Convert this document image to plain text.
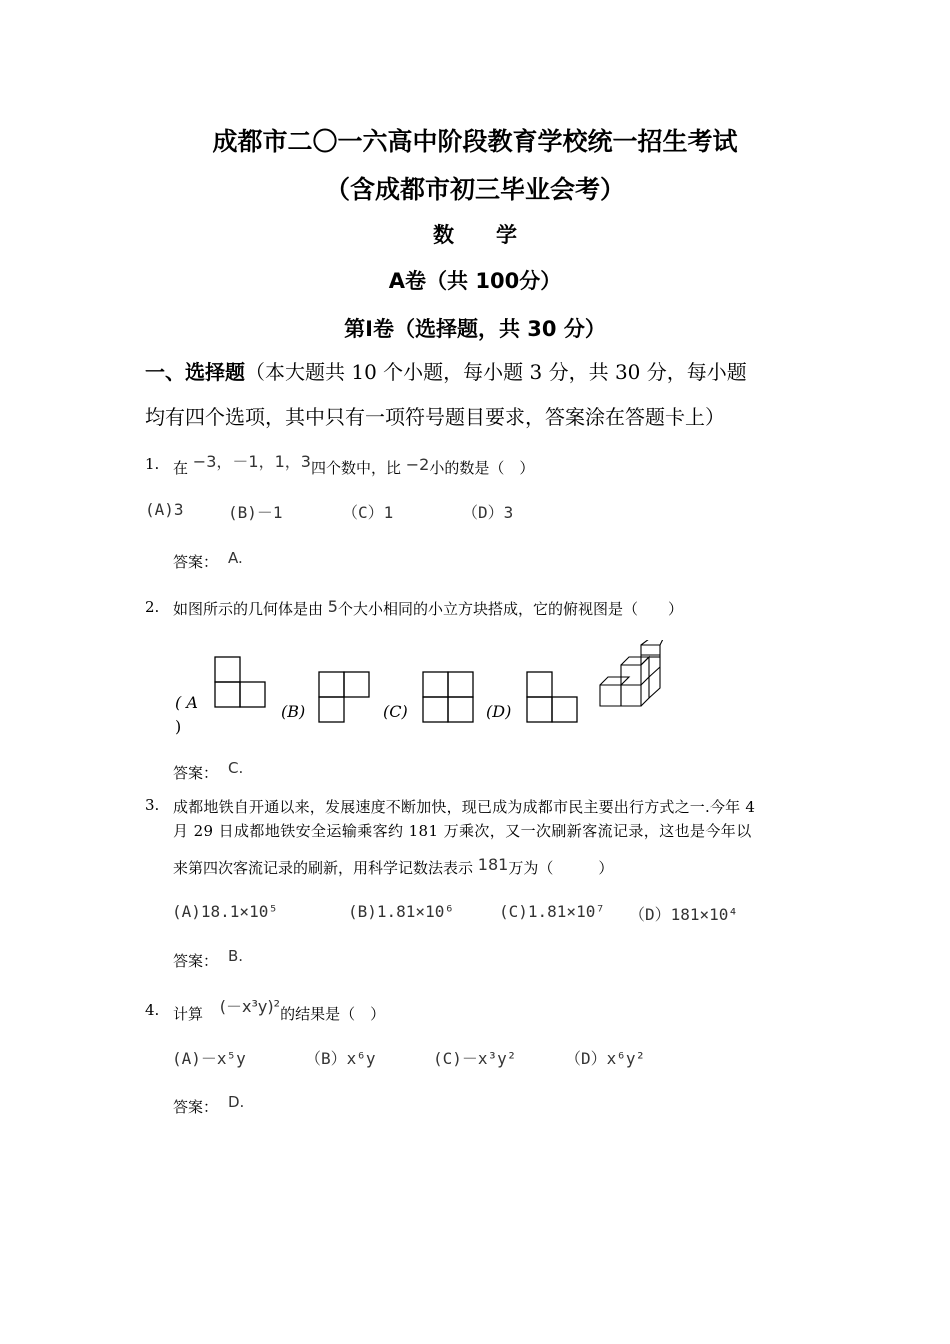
成都市二〇一六高中阶段教育学校统一招生考试
（含成都市初三毕业会考）
数　　学
A卷（共 100分）
第Ⅰ卷（选择题，共 30 分）
一、选择题（本大题共 10 个小题，每小题 3 分，共 30 分，每小题
均有四个选项，其中只有一项符号题目要求，答案涂在答题卡上）
1. 在 −3，－1，1，3四个数中，比 −2小的数是（　）
(A)3	(B)－1	（C）1	（D）3
答案： A.
2. 如图所示的几何体是由 5个大小相同的小立方块搭成，它的俯视图是（　　）
( A
)
(B)	(C)	(D)
答案： C.
3. 成都地铁自开通以来，发展速度不断加快，现已成为成都市民主要出行方式之一.今年 4
月 29 日成都地铁安全运输乘客约 181 万乘次，又一次刷新客流记录，这也是今年以
来第四次客流记录的刷新，用科学记数法表示 181万为（　　　）
(A)18.1×10⁵	(B)1.81×10⁶	(C)1.81×10⁷ （D）181×10⁴
答案： B.
4. 计算 (－x³y)²的结果是（　）
(A)－x⁵y	（B）x⁶y	(C)－x³y²	（D）x⁶y²
答案： D.
